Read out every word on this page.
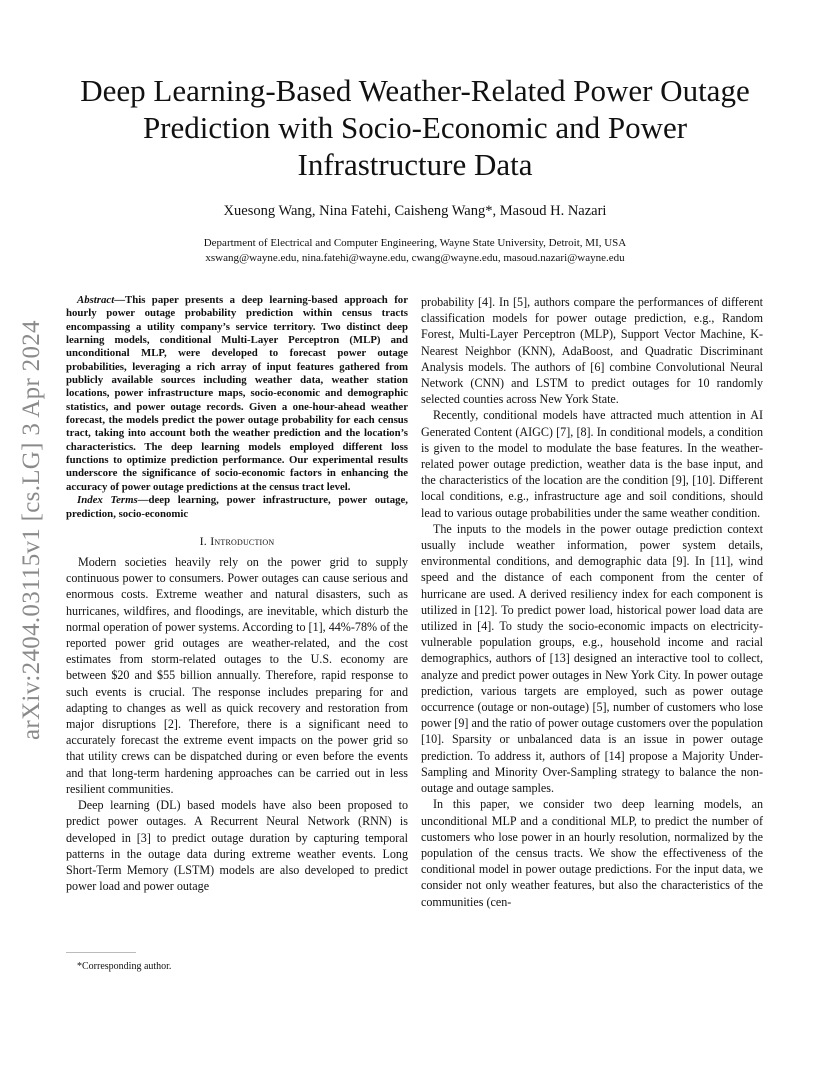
arXiv:2404.03115v1 [cs.LG] 3 Apr 2024
Deep Learning-Based Weather-Related Power Outage Prediction with Socio-Economic and Power Infrastructure Data
Xuesong Wang, Nina Fatehi, Caisheng Wang*, Masoud H. Nazari
Department of Electrical and Computer Engineering, Wayne State University, Detroit, MI, USA
xswang@wayne.edu, nina.fatehi@wayne.edu, cwang@wayne.edu, masoud.nazari@wayne.edu
Abstract—This paper presents a deep learning-based approach for hourly power outage probability prediction within census tracts encompassing a utility company’s service territory. Two distinct deep learning models, conditional Multi-Layer Perceptron (MLP) and unconditional MLP, were developed to forecast power outage probabilities, leveraging a rich array of input features gathered from publicly available sources including weather data, weather station locations, power infrastructure maps, socio-economic and demographic statistics, and power outage records. Given a one-hour-ahead weather forecast, the models predict the power outage probability for each census tract, taking into account both the weather prediction and the location’s characteristics. The deep learning models employed different loss functions to optimize prediction performance. Our experimental results underscore the significance of socio-economic factors in enhancing the accuracy of power outage predictions at the census tract level.
Index Terms—deep learning, power infrastructure, power outage, prediction, socio-economic
I. Introduction

Modern societies heavily rely on the power grid to supply continuous power to consumers. Power outages can cause serious and enormous costs. Extreme weather and natural disasters, such as hurricanes, wildfires, and floodings, are inevitable, which disturb the normal operation of power systems. According to [1], 44%-78% of the reported power grid outages are weather-related, and the cost estimates from storm-related outages to the U.S. economy are between $20 and $55 billion annually. Therefore, rapid response to such events is crucial. The response includes preparing for and adapting to changes as well as quick recovery and restoration from major disruptions [2]. Therefore, there is a significant need to accurately forecast the extreme event impacts on the power grid so that utility crews can be dispatched during or even before the events and that long-term hardening approaches can be carried out in less resilient communities.

Deep learning (DL) based models have also been proposed to predict power outages. A Recurrent Neural Network (RNN) is developed in [3] to predict outage duration by capturing temporal patterns in the outage data during extreme weather events. Long Short-Term Memory (LSTM) models are also developed to predict power load and power outage

probability [4]. In [5], authors compare the performances of different classification models for power outage prediction, e.g., Random Forest, Multi-Layer Perceptron (MLP), Support Vector Machine, K-Nearest Neighbor (KNN), AdaBoost, and Quadratic Discriminant Analysis models. The authors of [6] combine Convolutional Neural Network (CNN) and LSTM to predict outages for 10 randomly selected counties across New York State.

Recently, conditional models have attracted much attention in AI Generated Content (AIGC) [7], [8]. In conditional models, a condition is given to the model to modulate the base features. In the weather-related power outage prediction, weather data is the base input, and the characteristics of the location are the condition [9], [10]. Different local conditions, e.g., infrastructure age and soil conditions, should lead to various outage probabilities under the same weather condition.

The inputs to the models in the power outage prediction context usually include weather information, power system details, environmental conditions, and demographic data [9]. In [11], wind speed and the distance of each component from the center of hurricane are used. A derived resiliency index for each component is utilized in [12]. To predict power load, historical power load data are utilized in [4]. To study the socio-economic impacts on electricity-vulnerable population groups, e.g., household income and racial demographics, authors of [13] designed an interactive tool to collect, analyze and predict power outages in New York City. In power outage prediction, various targets are employed, such as power outage occurrence (outage or non-outage) [5], number of customers who lose power [9] and the ratio of power outage customers over the population [10]. Sparsity or unbalanced data is an issue in power outage prediction. To address it, authors of [14] propose a Majority Under-Sampling and Minority Over-Sampling strategy to balance the non-outage and outage samples.

In this paper, we consider two deep learning models, an unconditional MLP and a conditional MLP, to predict the number of customers who lose power in an hourly resolution, normalized by the population of the census tracts. We show the effectiveness of the conditional model in power outage predictions. For the input data, we consider not only weather features, but also the characteristics of the communities (cen-

*Corresponding author.
